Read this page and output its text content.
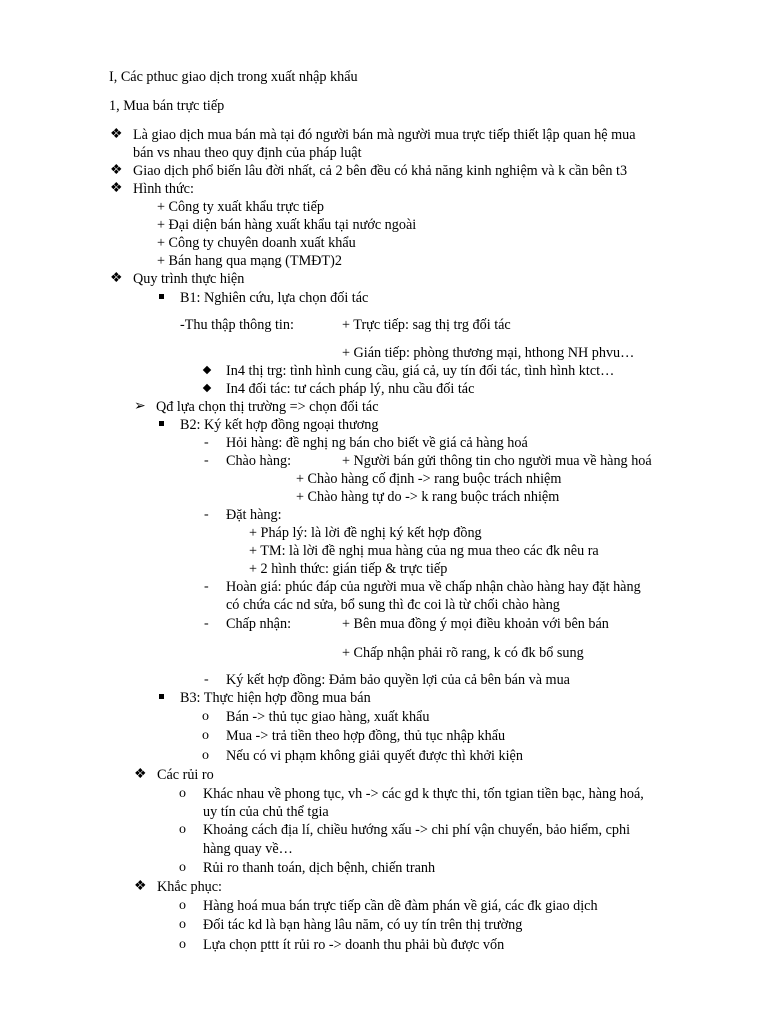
I, Các pthuc giao dịch trong xuất nhập khẩu
1, Mua bán trực tiếp
❖ Là giao dịch mua bán mà tại đó người bán mà người mua trực tiếp thiết lập quan hệ mua
bán vs nhau theo quy định của pháp luật
❖ Giao dịch phổ biến lâu đời nhất, cả 2 bên đều có khả năng kinh nghiệm và k cần bên t3
❖ Hình thức:
+ Công ty xuất khẩu trực tiếp
+ Đại diện bán hàng xuất khẩu tại nước ngoài
+ Công ty chuyên doanh xuất khẩu
+ Bán hang qua mạng (TMĐT)2
❖ Quy trình thực hiện
B1: Nghiên cứu, lựa chọn đối tác
-Thu thập thông tin:	+ Trực tiếp: sag thị trg đối tác
+ Gián tiếp: phòng thương mại, hthong NH phvu…
In4 thị trg: tình hình cung cầu, giá cả, uy tín đối tác, tình hình ktct…
In4 đối tác: tư cách pháp lý, nhu cầu đối tác
➢ Qđ lựa chọn thị trường => chọn đối tác
B2: Ký kết hợp đồng ngoại thương
- Hỏi hàng: đề nghị ng bán cho biết về giá cả hàng hoá
- Chào hàng:	+ Người bán gửi thông tin cho người mua về hàng hoá
+ Chào hàng cố định -> rang buộc trách nhiệm
+ Chào hàng tự do -> k rang buộc trách nhiệm
- Đặt hàng:
+ Pháp lý: là lời đề nghị ký kết hợp đồng
+ TM: là lời đề nghị mua hàng của ng mua theo các đk nêu ra
+ 2 hình thức: gián tiếp & trực tiếp
- Hoàn giá: phúc đáp của người mua về chấp nhận chào hàng hay đặt hàng
có chứa các nd sửa, bổ sung thì đc coi là từ chối chào hàng
- Chấp nhận:	+ Bên mua đồng ý mọi điều khoản với bên bán
+ Chấp nhận phải rõ rang, k có đk bổ sung
- Ký kết hợp đồng: Đảm bảo quyền lợi của cả bên bán và mua
B3: Thực hiện hợp đồng mua bán
o Bán -> thủ tục giao hàng, xuất khẩu
o Mua -> trả tiền theo hợp đồng, thủ tục nhập khẩu
o Nếu có vi phạm không giải quyết được thì khởi kiện
❖ Các rủi ro
o Khác nhau về phong tục, vh -> các gd k thực thi, tốn tgian tiền bạc, hàng hoá,
uy tín của chủ thể tgia
o Khoảng cách địa lí, chiều hướng xấu -> chi phí vận chuyển, bảo hiểm, cphi
hàng quay về…
o Rủi ro thanh toán, dịch bệnh, chiến tranh
❖ Khắc phục:
o Hàng hoá mua bán trực tiếp cần dề đàm phán về giá, các đk giao dịch
o Đối tác kd là bạn hàng lâu năm, có uy tín trên thị trường
o Lựa chọn pttt ít rủi ro -> doanh thu phải bù được vốn
